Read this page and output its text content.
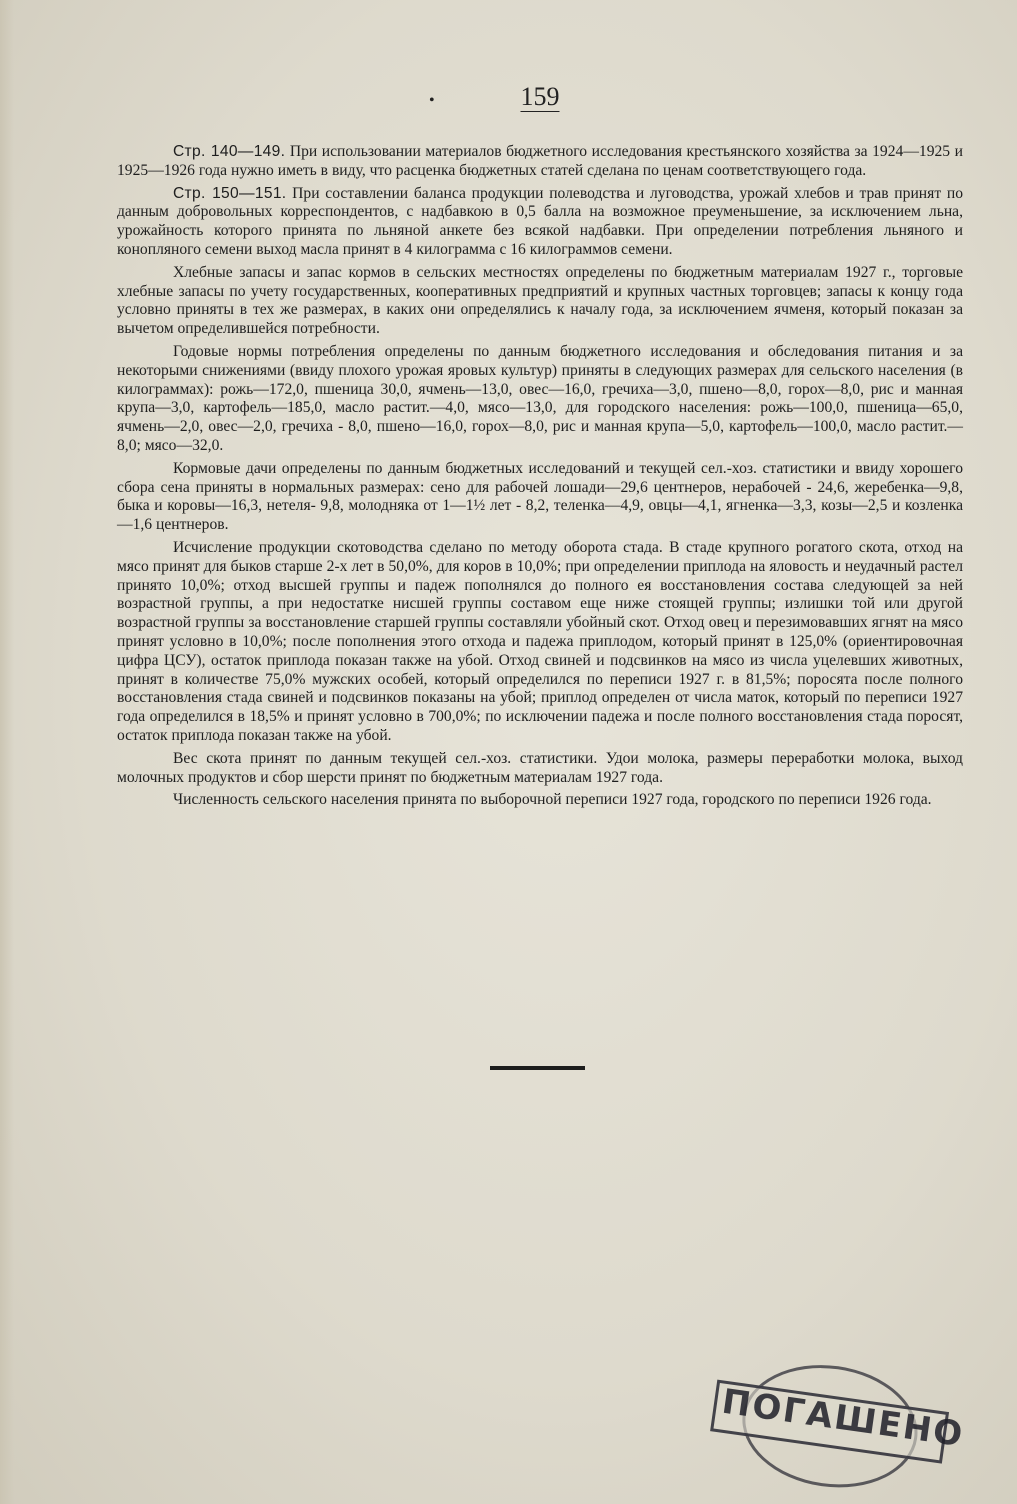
•	159

Стр. 140—149. При использовании материалов бюджетного исследования крестьянского хозяйства за 1924—1925 и 1925—1926 года нужно иметь в виду, что расценка бюджетных статей сделана по ценам соответствующего года.

Стр. 150—151. При составлении баланса продукции полеводства и луговодства, урожай хлебов и трав принят по данным добровольных корреспондентов, с надбавкою в 0,5 балла на возможное преуменьшение, за исключением льна, урожайность которого принята по льняной анкете без всякой надбавки. При определении потребления льняного и конопляного семени выход масла принят в 4 килограмма с 16 килограммов семени.

Хлебные запасы и запас кормов в сельских местностях определены по бюджетным материалам 1927 г., торговые хлебные запасы по учету государственных, кооперативных предприятий и крупных частных торговцев; запасы к концу года условно приняты в тех же размерах, в каких они определялись к началу года, за исключением ячменя, который показан за вычетом определившейся потребности.

Годовые нормы потребления определены по данным бюджетного исследования и обследования питания и за некоторыми снижениями (ввиду плохого урожая яровых культур) приняты в следующих размерах для сельского населения (в килограммах): рожь—172,0, пшеница 30,0, ячмень—13,0, овес—16,0, гречиха—3,0, пшено—8,0, горох—8,0, рис и манная крупа—3,0, картофель—185,0, масло растит.—4,0, мясо—13,0, для городского населения: рожь—100,0, пшеница—65,0, ячмень—2,0, овес—2,0, гречиха - 8,0, пшено—16,0, горох—8,0, рис и манная крупа—5,0, картофель—100,0, масло растит.—8,0; мясо—32,0.

Кормовые дачи определены по данным бюджетных исследований и текущей сел.-хоз. статистики и ввиду хорошего сбора сена приняты в нормальных размерах: сено для рабочей лошади—29,6 центнеров, нерабочей - 24,6, жеребенка—9,8, быка и коровы—16,3, нетеля- 9,8, молодняка от 1—1½ лет - 8,2, теленка—4,9, овцы—4,1, ягненка—3,3, козы—2,5 и козленка—1,6 центнеров.

Исчисление продукции скотоводства сделано по методу оборота стада. В стаде крупного рогатого скота, отход на мясо принят для быков старше 2-х лет в 50,0%, для коров в 10,0%; при определении приплода на яловость и неудачный растел принято 10,0%; отход высшей группы и падеж пополнялся до полного ея восстановления состава следующей за ней возрастной группы, а при недостатке нисшей группы составом еще ниже стоящей группы; излишки той или другой возрастной группы за восстановление старшей группы составляли убойный скот. Отход овец и перезимовавших ягнят на мясо принят условно в 10,0%; после пополнения этого отхода и падежа приплодом, который принят в 125,0% (ориентировочная цифра ЦСУ), остаток приплода показан также на убой. Отход свиней и подсвинков на мясо из числа уцелевших животных, принят в количестве 75,0% мужских особей, который определился по переписи 1927 г. в 81,5%; поросята после полного восстановления стада свиней и подсвинков показаны на убой; приплод определен от числа маток, который по переписи 1927 года определился в 18,5% и принят условно в 700,0%; по исключении падежа и после полного восстановления стада поросят, остаток приплода показан также на убой.

Вес скота принят по данным текущей сел.-хоз. статистики. Удои молока, размеры переработки молока, выход молочных продуктов и сбор шерсти принят по бюджетным материалам 1927 года.

Численность сельского населения принята по выборочной переписи 1927 года, городского по переписи 1926 года.

ПОГАШЕНО
